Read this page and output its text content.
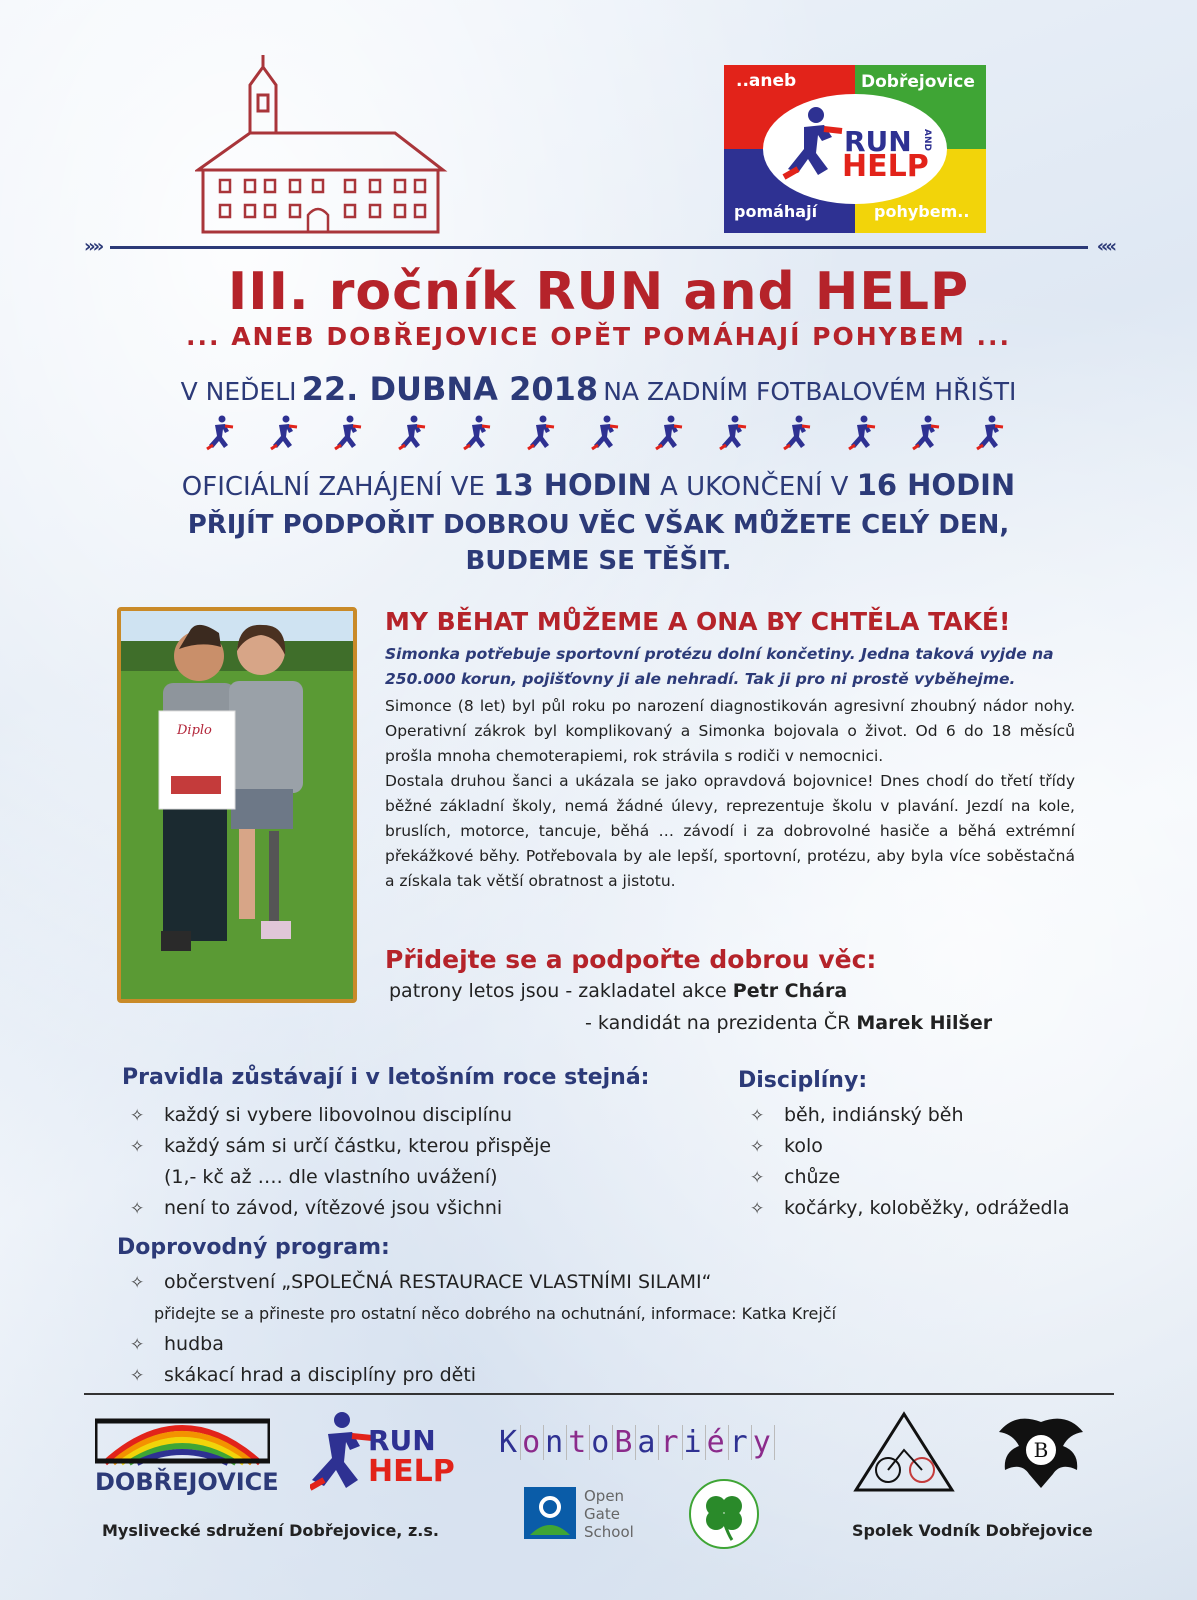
..aneb	Dobřejovice
pomáhají	pohybem..
RUN AND
HELP
»»	««
III. ročník RUN and HELP
... ANEB DOBŘEJOVICE OPĚT POMÁHAJÍ POHYBEM ...
V NEĎELI 22. DUBNA 2018 NA ZADNÍM FOTBALOVÉM HŘIŠTI
OFICIÁLNÍ ZAHÁJENÍ VE 13 HODIN A UKONČENÍ V 16 HODIN
PŘIJÍT PODPOŘIT DOBROU VĚC VŠAK MŮŽETE CELÝ DEN,
BUDEME SE TĚŠIT.
Diplo
MY BĚHAT MŮŽEME A ONA BY CHTĚLA TAKÉ!
Simonka potřebuje sportovní protézu dolní končetiny. Jedna taková vyjde na 250.000 korun, pojišťovny ji ale nehradí. Tak ji pro ni prostě vyběhejme.

Simonce (8 let) byl půl roku po narození diagnostikován agresivní zhoubný nádor nohy. Operativní zákrok byl komplikovaný a Simonka bojovala o život. Od 6 do 18 měsíců prošla mnoha chemoterapiemi, rok strávila s rodiči v nemocnici.

Dostala druhou šanci a ukázala se jako opravdová bojovnice! Dnes chodí do třetí třídy běžné základní školy, nemá žádné úlevy, reprezentuje školu v plavání. Jezdí na kole, bruslích, motorce, tancuje, běhá … závodí i za dobrovolné hasiče a běhá extrémní překážkové běhy. Potřebovala by ale lepší, sportovní, protézu, aby byla více soběstačná a získala tak větší obratnost a jistotu.

Přidejte se a podpořte dobrou věc:
patrony letos jsou - zakladatel akce Petr Chára
- kandidát na prezidenta ČR Marek Hilšer
Pravidla zůstávají i v letošním roce stejná:
✧ každý si vybere libovolnou disciplínu
✧ každý sám si určí částku, kterou přispěje
(1,- kč až …. dle vlastního uvážení)
✧ není to závod, vítězové jsou všichni
Disciplíny:
✧ běh, indiánský běh
✧ kolo
✧ chůze
✧ kočárky, koloběžky, odrážedla
Doprovodný program:
✧ občerstvení „SPOLEČNÁ RESTAURACE VLASTNÍMI SILAMI“
přidejte se a přineste pro ostatní něco dobrého na ochutnání, informace: Katka Krejčí
✧ hudba
✧ skákací hrad a disciplíny pro děti
DOBŘEJOVICE
RUN
HELP
K o n t o B a r i é r y
Open Gate School
B
Myslivecké sdružení Dobřejovice, z.s.	Spolek Vodník Dobřejovice
